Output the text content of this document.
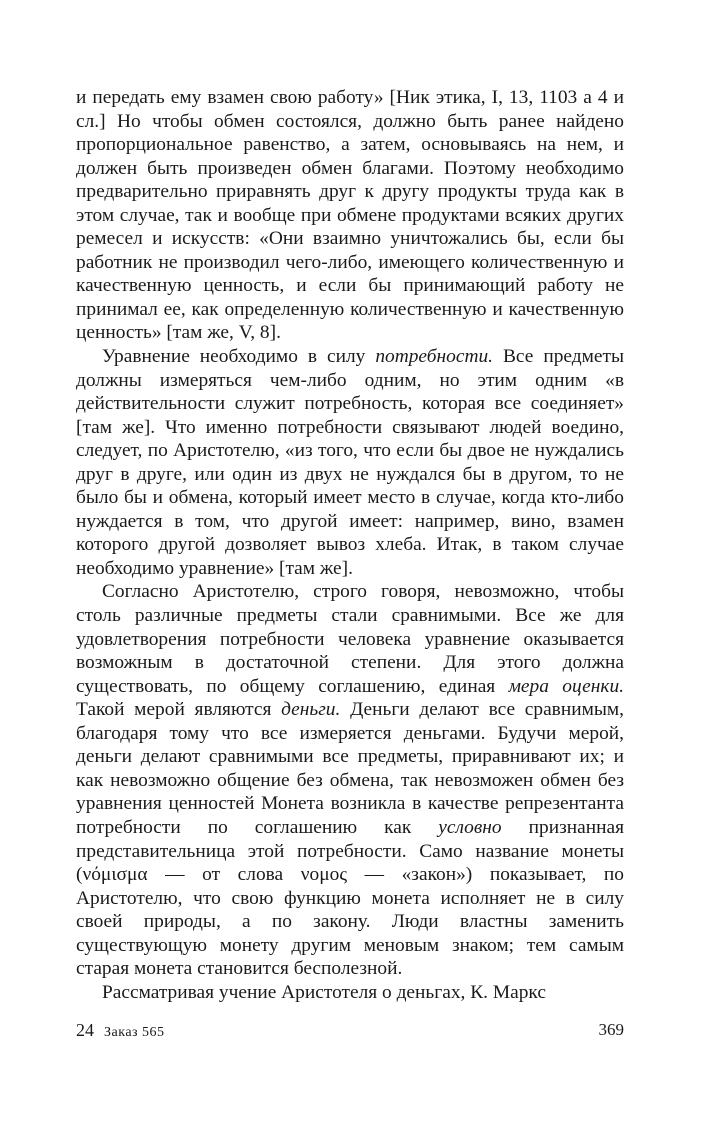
и передать ему взамен свою работу» [Ник этика, I, 13, 1103 а 4 и сл.] Но чтобы обмен состоялся, должно быть ранее найдено пропорциональное равенство, а затем, основываясь на нем, и должен быть произведен обмен благами. Поэтому необходимо предварительно приравнять друг к другу продукты труда как в этом случае, так и вообще при обмене продуктами всяких других ремесел и искусств: «Они взаимно уничтожались бы, если бы работник не производил чего-либо, имеющего количественную и качественную ценность, и если бы принимающий работу не принимал ее, как определенную количественную и качественную ценность» [там же, V, 8].

Уравнение необходимо в силу потребности. Все предметы должны измеряться чем-либо одним, но этим одним «в действительности служит потребность, которая все соединяет» [там же]. Что именно потребности связывают людей воедино, следует, по Аристотелю, «из того, что если бы двое не нуждались друг в друге, или один из двух не нуждался бы в другом, то не было бы и обмена, который имеет место в случае, когда кто-либо нуждается в том, что другой имеет: например, вино, взамен которого другой дозволяет вывоз хлеба. Итак, в таком случае необходимо уравнение» [там же].

Согласно Аристотелю, строго говоря, невозможно, чтобы столь различные предметы стали сравнимыми. Все же для удовлетворения потребности человека уравнение оказывается возможным в достаточной степени. Для этого должна существовать, по общему соглашению, единая мера оценки. Такой мерой являются деньги. Деньги делают все сравнимым, благодаря тому что все измеряется деньгами. Будучи мерой, деньги делают сравнимыми все предметы, приравнивают их; и как невозможно общение без обмена, так невозможен обмен без уравнения ценностей Монета возникла в качестве репрезентанта потребности по соглашению как условно признанная представительница этой потребности. Само название монеты (νόμισμα — от слова νομος — «закон») показывает, по Аристотелю, что свою функцию монета исполняет не в силу своей природы, а по закону. Люди властны заменить существующую монету другим меновым знаком; тем самым старая монета становится бесполезной.

Рассматривая учение Аристотеля о деньгах, К. Маркс

24 Заказ 565	369
